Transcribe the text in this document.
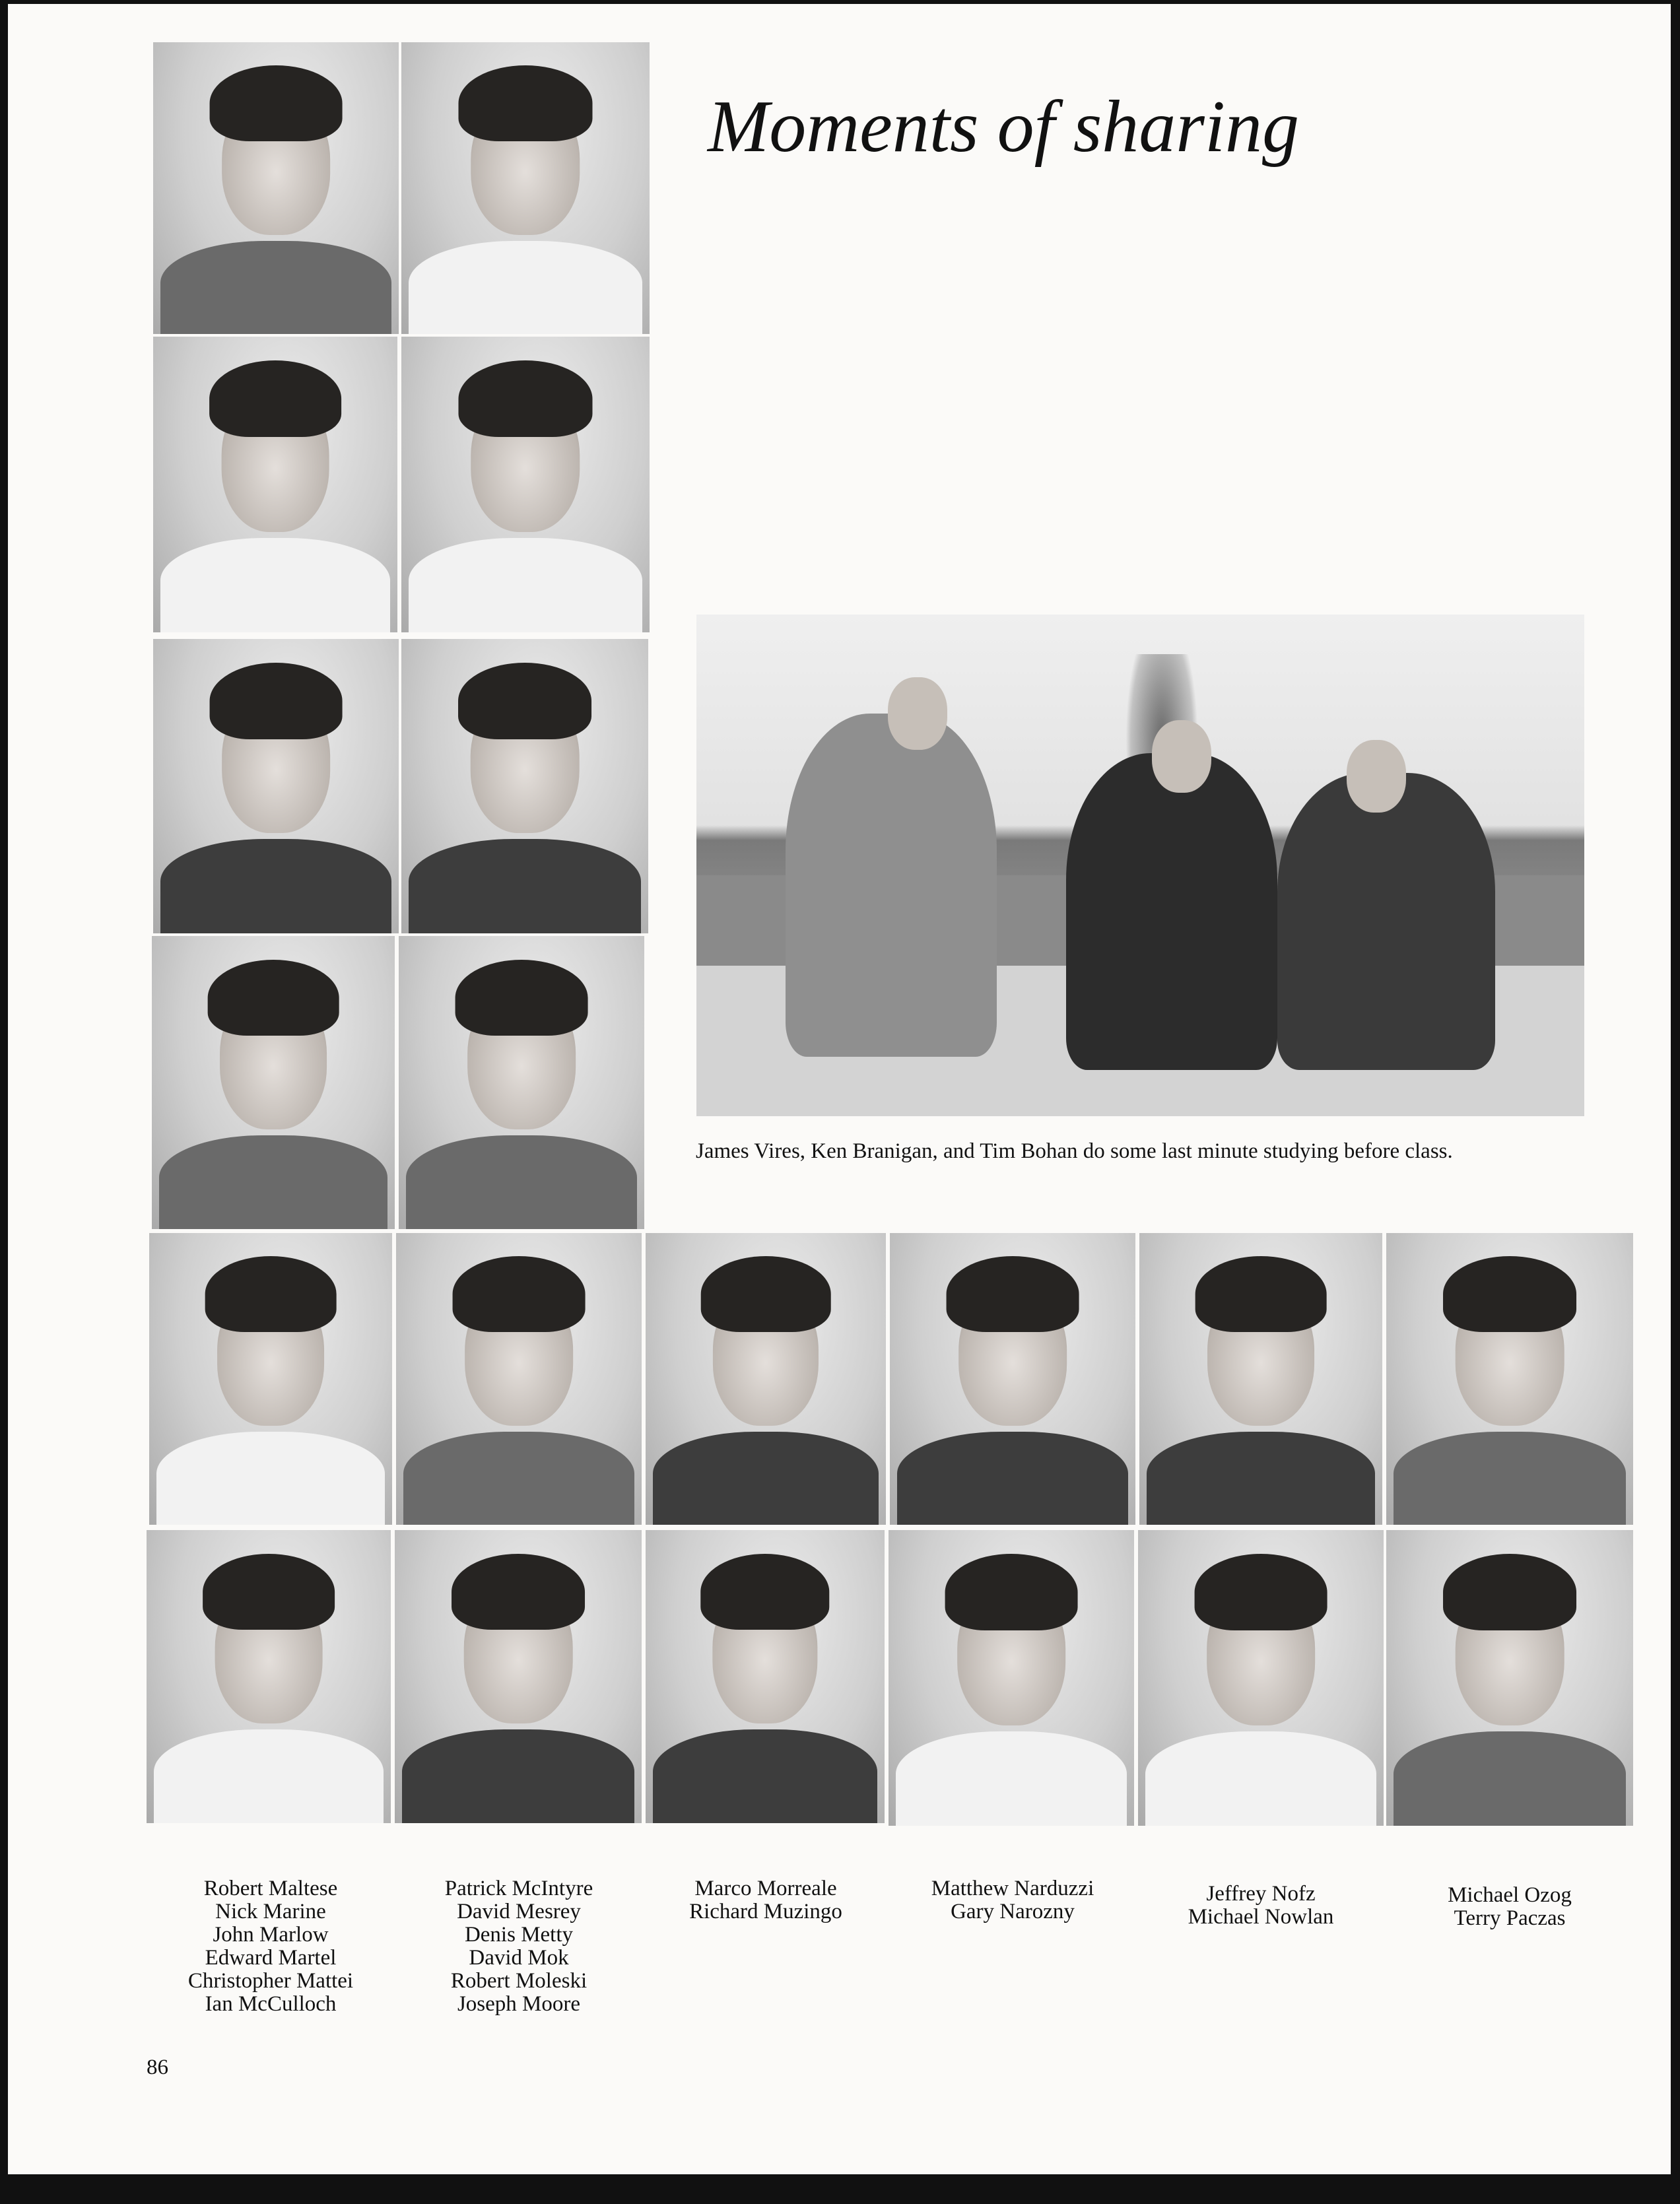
Moments of sharing
James Vires, Ken Branigan, and Tim Bohan do some last minute studying before class.
Robert Maltese
Nick Marine
John Marlow
Edward Martel
Christopher Mattei
Ian McCulloch
Patrick McIntyre
David Mesrey
Denis Metty
David Mok
Robert Moleski
Joseph Moore
Marco Morreale
Richard Muzingo
Matthew Narduzzi
Gary Narozny
Jeffrey Nofz
Michael Nowlan
Michael Ozog
Terry Paczas
86
